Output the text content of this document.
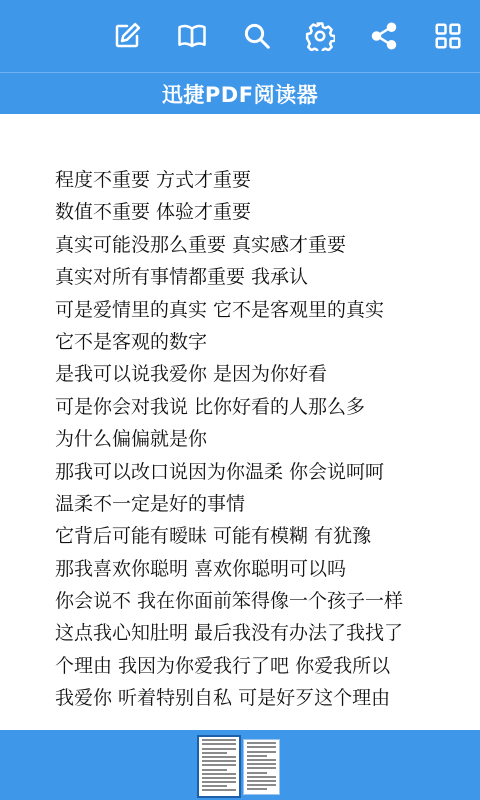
迅捷PDF阅读器
程度不重要 方式才重要
数值不重要 体验才重要
真实可能没那么重要 真实感才重要
真实对所有事情都重要 我承认
可是爱情里的真实 它不是客观里的真实
它不是客观的数字
是我可以说我爱你 是因为你好看
可是你会对我说 比你好看的人那么多
为什么偏偏就是你
那我可以改口说因为你温柔 你会说呵呵
温柔不一定是好的事情
它背后可能有暧昧 可能有模糊 有犹豫
那我喜欢你聪明 喜欢你聪明可以吗
你会说不 我在你面前笨得像一个孩子一样
这点我心知肚明 最后我没有办法了我找了
个理由 我因为你爱我行了吧 你爱我所以
我爱你 听着特别自私 可是好歹这个理由
